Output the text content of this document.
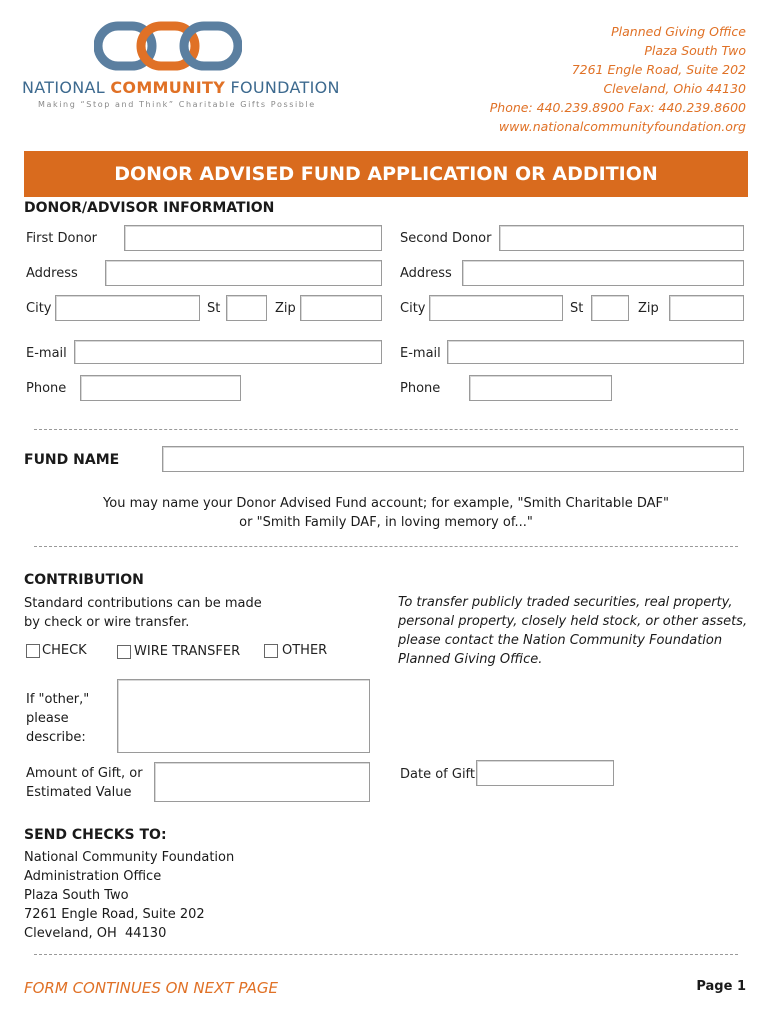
NATIONAL COMMUNITY FOUNDATION
Making “Stop and Think” Charitable Gifts Possible
Planned Giving Office
Plaza South Two
7261 Engle Road, Suite 202
Cleveland, Ohio 44130
Phone: 440.239.8900 Fax: 440.239.8600
www.nationalcommunityfoundation.org
DONOR ADVISED FUND APPLICATION OR ADDITION
DONOR/ADVISOR INFORMATION
First Donor	Second Donor
Address	Address
City	St	Zip	City	St	Zip
E-mail	E-mail
Phone	Phone
FUND NAME
You may name your Donor Advised Fund account; for example, "Smith Charitable DAF"
or "Smith Family DAF, in loving memory of..."
CONTRIBUTION
Standard contributions can be made
by check or wire transfer.
CHECK	WIRE TRANSFER	OTHER
To transfer publicly traded securities, real property,
personal property, closely held stock, or other assets,
please contact the Nation Community Foundation
Planned Giving Office.
If "other,"
please
describe:
Amount of Gift, or
Estimated Value
Date of Gift
SEND CHECKS TO:
National Community Foundation
Administration Office
Plaza South Two
7261 Engle Road, Suite 202
Cleveland, OH  44130
FORM CONTINUES ON NEXT PAGE	Page 1
